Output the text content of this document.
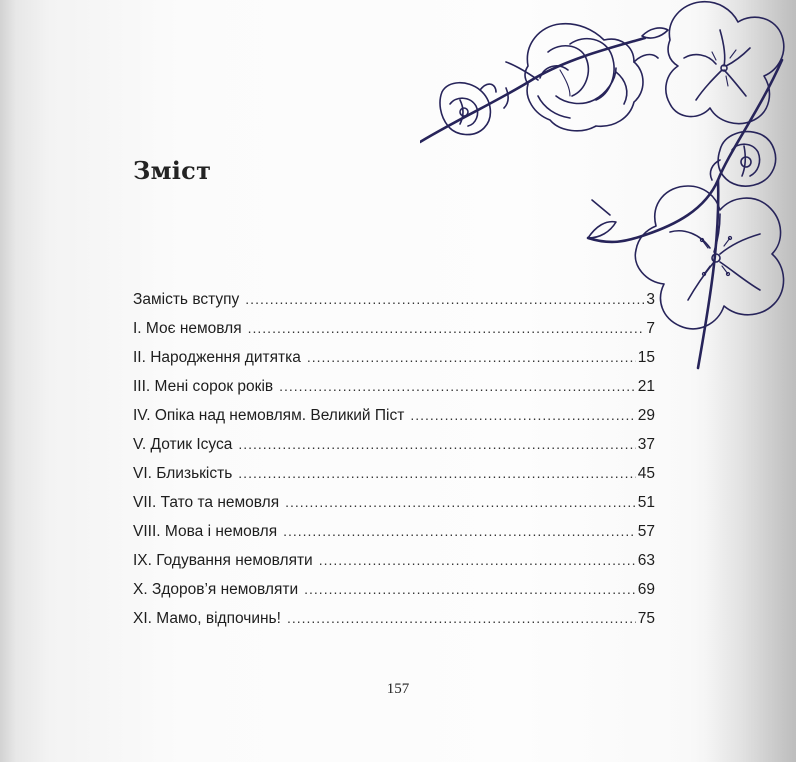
Зміст
Замість вступу .....	3
І. Моє немовля .....	7
ІІ. Народження дитятка .....	15
ІІІ. Мені сорок років .....	21
ІV. Опіка над немовлям. Великий Піст .....	29
V. Дотик Ісуса .....	37
VІ. Близькість .....	45
VІІ. Тато та немовля .....	51
VІІІ. Мова і немовля .....	57
ІХ. Годування немовляти .....	63
Х. Здоров’я немовляти .....	69
ХІ. Мамо, відпочинь! .....	75
157
